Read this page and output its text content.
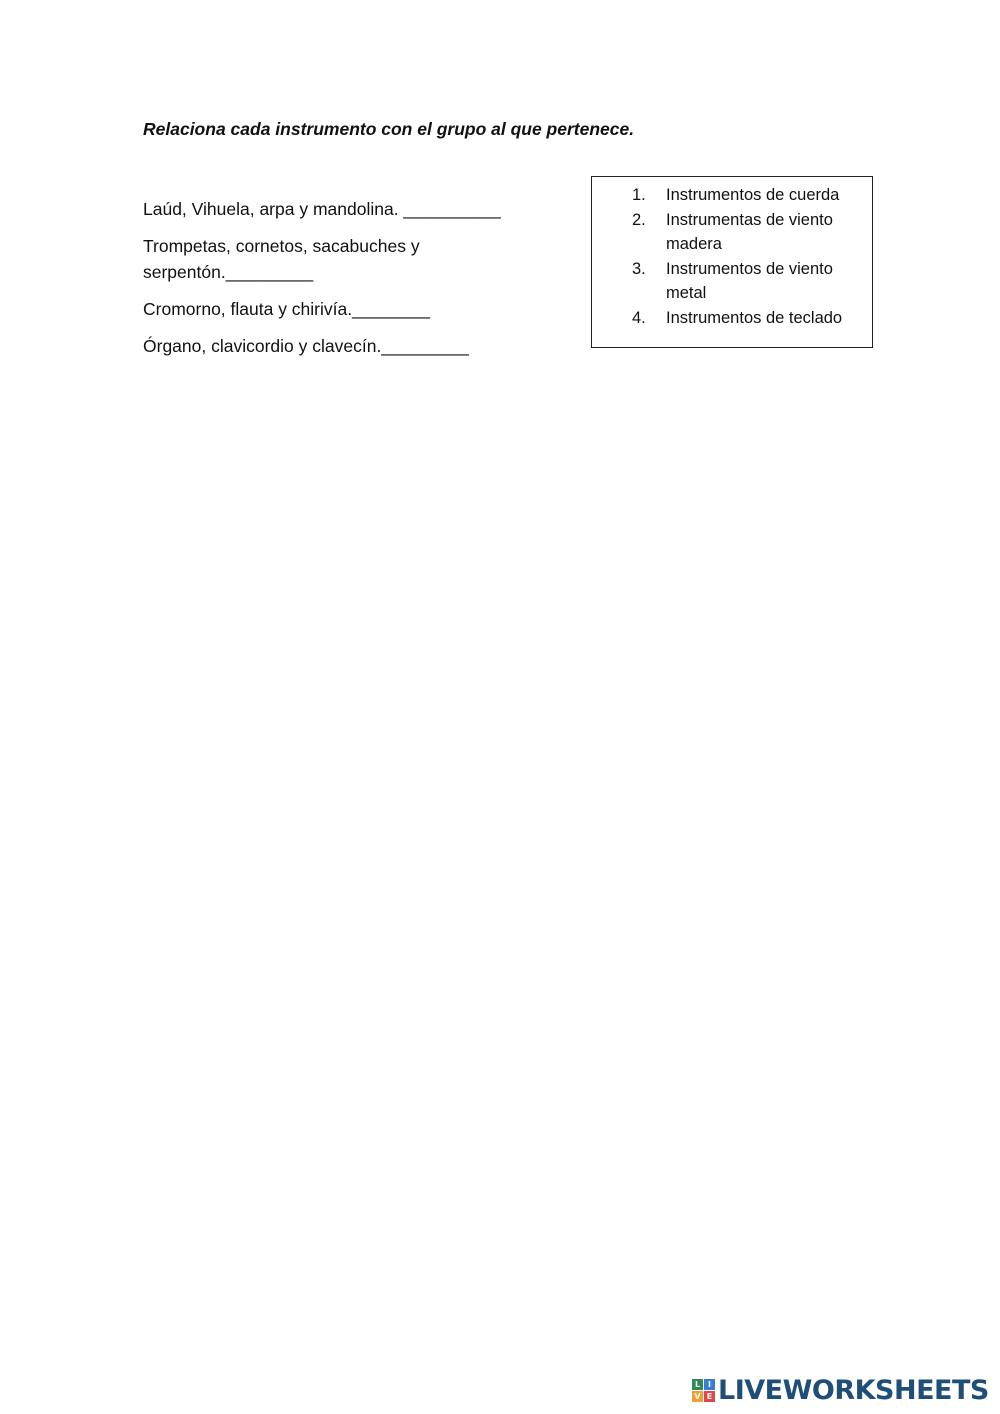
Relaciona cada instrumento con el grupo al que pertenece.
Laúd, Vihuela, arpa y mandolina. __________
Trompetas, cornetos, sacabuches y serpentón._________
Cromorno, flauta y chirivía.________
Órgano, clavicordio y clavecín._________
1.	Instrumentos de cuerda
2.	Instrumentas de viento madera
3.	Instrumentos de viento metal
4.	Instrumentos de teclado
L I
V E LIVEWORKSHEETS
